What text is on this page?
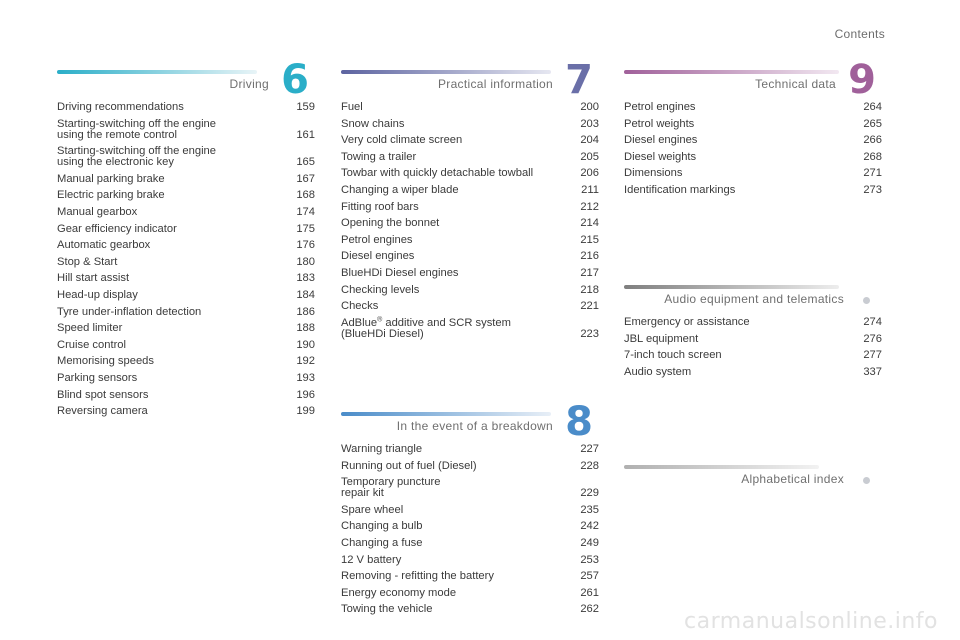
Contents
Driving 6
Driving recommendations	159
Starting-switching off the engine
using the remote control	161
Starting-switching off the engine
using the electronic key	165
Manual parking brake	167
Electric parking brake	168
Manual gearbox	174
Gear efficiency indicator	175
Automatic gearbox	176
Stop & Start	180
Hill start assist	183
Head-up display	184
Tyre under-inflation detection	186
Speed limiter	188
Cruise control	190
Memorising speeds	192
Parking sensors	193
Blind spot sensors	196
Reversing camera	199
Practical information 7
Fuel	200
Snow chains	203
Very cold climate screen	204
Towing a trailer	205
Towbar with quickly detachable towball	206
Changing a wiper blade	211
Fitting roof bars	212
Opening the bonnet	214
Petrol engines	215
Diesel engines	216
BlueHDi Diesel engines	217
Checking levels	218
Checks	221
AdBlue® additive and SCR system
(BlueHDi Diesel)	223
In the event of a breakdown 8
Warning triangle	227
Running out of fuel (Diesel)	228
Temporary puncture
repair kit	229
Spare wheel	235
Changing a bulb	242
Changing a fuse	249
12 V battery	253
Removing - refitting the battery	257
Energy economy mode	261
Towing the vehicle	262
Technical data 9
Petrol engines	264
Petrol weights	265
Diesel engines	266
Diesel weights	268
Dimensions	271
Identification markings	273
Audio equipment and telematics
Emergency or assistance	274
JBL equipment	276
7-inch touch screen	277
Audio system	337
Alphabetical index
carmanualsonline.info
